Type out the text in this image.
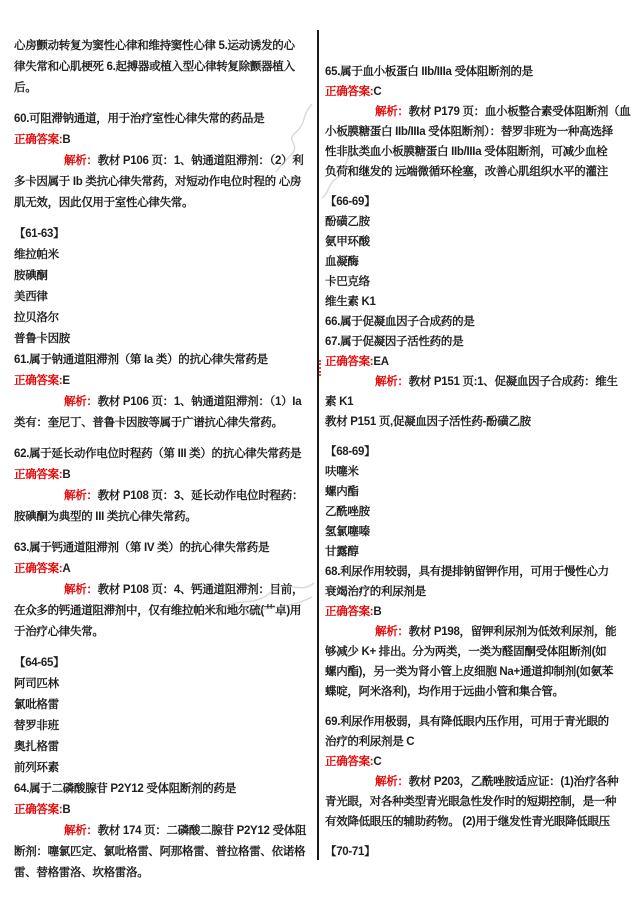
心房颤动转复为窦性心律和维持窦性心律 5.运动诱发的心
律失常和心肌梗死 6.起搏器或植入型心律转复除颤器植入
后。
60.可阻滞钠通道，用于治疗室性心律失常的药品是
正确答案:B
解析：教材 P106 页：1、钠通道阻滞剂：（2）利
多卡因属于 Ib 类抗心律失常药，对短动作电位时程的 心房
肌无效，因此仅用于室性心律失常。
【61-63】
维拉帕米
胺碘酮
美西律
拉贝洛尔
普鲁卡因胺
61.属于钠通道阻滞剂（第 Ia 类）的抗心律失常药是
正确答案:E
解析：教材 P106 页：1、钠通道阻滞剂：（1）Ia
类有：奎尼丁、普鲁卡因胺等属于广谱抗心律失常药。
62.属于延长动作电位时程药（第 III 类）的抗心律失常药是
正确答案:B
解析：教材 P108 页：3、延长动作电位时程药：
胺碘酮为典型的 III 类抗心律失常药。
63.属于钙通道阻滞剂（第 IV 类）的抗心律失常药是
正确答案:A
解析：教材 P108 页：4、钙通道阻滞剂：目前，
在众多的钙通道阻滞剂中，仅有维拉帕米和地尔硫(艹卓)用
于治疗心律失常。
【64-65】
阿司匹林
氯吡格雷
替罗非班
奥扎格雷
前列环素
64.属于二磷酸腺苷 P2Y12 受体阻断剂的药是
正确答案:B
解析：教材 174 页：二磷酸二腺苷 P2Y12 受体阻
断剂：噻氯匹定、氯吡格雷、阿那格雷、普拉格雷、依诺格
雷、替格雷洛、坎格雷洛。
65.属于血小板蛋白 IIb/IIIa 受体阻断剂的是
正确答案:C
解析：教材 P179 页：血小板整合素受体阻断剂（血
小板膜糖蛋白 IIb/IIIa 受体阻断剂）：替罗非班为一种高选择
性非肽类血小板膜糖蛋白 IIb/IIIa 受体阻断剂，可减少血栓
负荷和继发的 远端微循环栓塞，改善心肌组织水平的灌注
【66-69】
酚磺乙胺
氨甲环酸
血凝酶
卡巴克络
维生素 K1
66.属于促凝血因子合成药的是
67.属于促凝因子活性药的是
正确答案:EA
解析：教材 P151 页:1、促凝血因子合成药：维生
素 K1
教材 P151 页,促凝血因子活性药-酚磺乙胺
【68-69】
呋噻米
螺内酯
乙酰唑胺
氢氯噻嗪
甘露醇
68.利尿作用较弱，具有提排钠留钾作用，可用于慢性心力
衰竭治疗的利尿剂是
正确答案:B
解析：教材 P198，留钾利尿剂为低效利尿剂，能
够减少 K+ 排出。分为两类，一类为醛固酮受体阻断剂(如
螺内酯)，另一类为肾小管上皮细胞 Na+通道抑制剂(如氨苯
蝶啶，阿米洛利)，均作用于远曲小管和集合管。
69.利尿作用极弱，具有降低眼内压作用，可用于青光眼的
治疗的利尿剂是 C
正确答案:C
解析：教材 P203，乙酰唑胺适应证：(1)治疗各种
青光眼，对各种类型青光眼急性发作时的短期控制，是一种
有效降低眼压的辅助药物。 (2)用于继发性青光眼降低眼压
【70-71】
